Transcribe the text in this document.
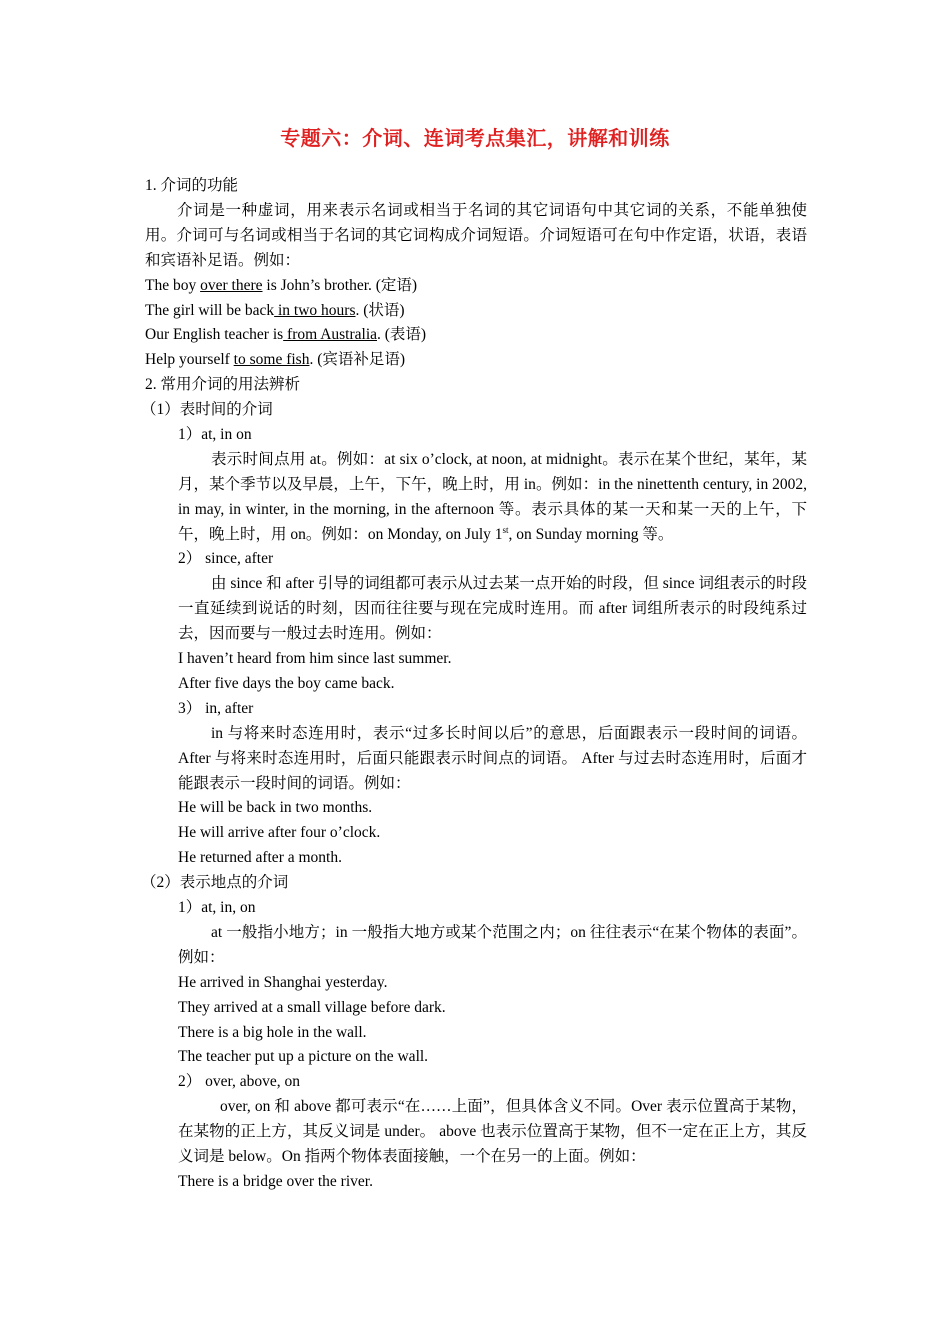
专题六：介词、连词考点集汇，讲解和训练
1. 介词的功能
介词是一种虚词，用来表示名词或相当于名词的其它词语句中其它词的关系，不能单独使用。介词可与名词或相当于名词的其它词构成介词短语。介词短语可在句中作定语，状语，表语和宾语补足语。例如：
The boy over there is John’s brother. (定语)
The girl will be back in two hours. (状语)
Our English teacher is from Australia. (表语)
Help yourself to some fish. (宾语补足语)
2. 常用介词的用法辨析
（1）表时间的介词
1）at, in on
表示时间点用 at。例如：at six o’clock, at noon, at midnight。表示在某个世纪，某年，某月，某个季节以及早晨，上午，下午，晚上时，用 in。例如：in the ninettenth century, in 2002, in may, in winter, in the morning, in the afternoon 等。表示具体的某一天和某一天的上午，下午，晚上时，用 on。例如：on Monday, on July 1st, on Sunday morning 等。
2） since, after
由 since 和 after 引导的词组都可表示从过去某一点开始的时段，但 since 词组表示的时段一直延续到说话的时刻，因而往往要与现在完成时连用。而 after 词组所表示的时段纯系过去，因而要与一般过去时连用。例如：
I haven’t heard from him since last summer.
After five days the boy came back.
3） in, after
in 与将来时态连用时，表示“过多长时间以后”的意思，后面跟表示一段时间的词语。After 与将来时态连用时，后面只能跟表示时间点的词语。 After 与过去时态连用时，后面才能跟表示一段时间的词语。例如：
He will be back in two months.
He will arrive after four o’clock.
He returned after a month.
（2）表示地点的介词
1）at, in, on
at 一般指小地方；in 一般指大地方或某个范围之内；on 往往表示“在某个物体的表面”。例如：
He arrived in Shanghai yesterday.
They arrived at a small village before dark.
There is a big hole in the wall.
The teacher put up a picture on the wall.
2） over, above, on
over, on 和 above 都可表示“在……上面”，但具体含义不同。Over 表示位置高于某物，在某物的正上方，其反义词是 under。 above 也表示位置高于某物，但不一定在正上方，其反义词是 below。On 指两个物体表面接触，一个在另一的上面。例如：
There is a bridge over the river.
